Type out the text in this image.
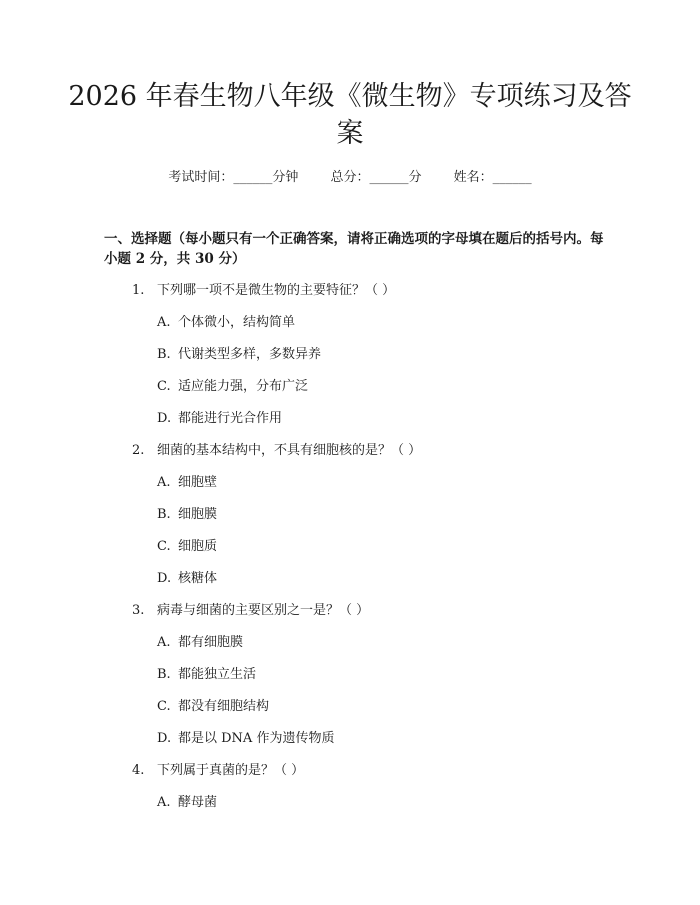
2026 年春生物八年级《微生物》专项练习及答案
考试时间：______分钟 总分：______分 姓名：______

一、选择题（每小题只有一个正确答案，请将正确选项的字母填在题后的括号内。每小题 2 分，共 30 分）

1. 下列哪一项不是微生物的主要特征？（ ）
A. 个体微小，结构简单
B. 代谢类型多样，多数异养
C. 适应能力强，分布广泛
D. 都能进行光合作用
2. 细菌的基本结构中，不具有细胞核的是？（ ）
A. 细胞壁
B. 细胞膜
C. 细胞质
D. 核糖体
3. 病毒与细菌的主要区别之一是？（ ）
A. 都有细胞膜
B. 都能独立生活
C. 都没有细胞结构
D. 都是以 DNA 作为遗传物质
4. 下列属于真菌的是？（ ）
A. 酵母菌
